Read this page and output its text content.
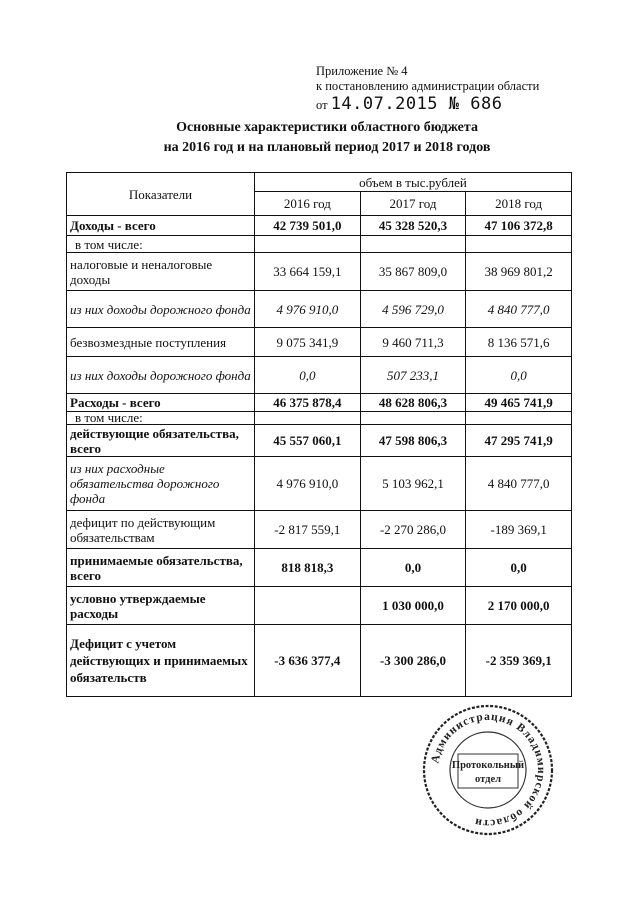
Приложение № 4
к постановлению администрации области
от 14.07.2015 № 686
Основные характеристики областного бюджета
на 2016 год и на плановый период 2017 и 2018 годов
Показатели	объем в тыс.рублей		
	2016 год	2017 год	2018 год
Доходы - всего	42 739 501,0	45 328 520,3	47 106 372,8
в том числе:			
налоговые и неналоговые доходы	33 664 159,1	35 867 809,0	38 969 801,2
из них доходы дорожного фонда	4 976 910,0	4 596 729,0	4 840 777,0
безвозмездные поступления	9 075 341,9	9 460 711,3	8 136 571,6
из них доходы дорожного фонда	0,0	507 233,1	0,0
Расходы - всего	46 375 878,4	48 628 806,3	49 465 741,9
в том числе:			
действующие обязательства, всего	45 557 060,1	47 598 806,3	47 295 741,9
из них расходные обязательства дорожного фонда	4 976 910,0	5 103 962,1	4 840 777,0
дефицит по действующим обязательствам	-2 817 559,1	-2 270 286,0	-189 369,1
принимаемые обязательства, всего	818 818,3	0,0	0,0
условно утверждаемые расходы		1 030 000,0	2 170 000,0
Дефицит с учетом действующих и принимаемых обязательств	-3 636 377,4	-3 300 286,0	-2 359 369,1
Администрация Владимирской области
Протокольный
отдел
